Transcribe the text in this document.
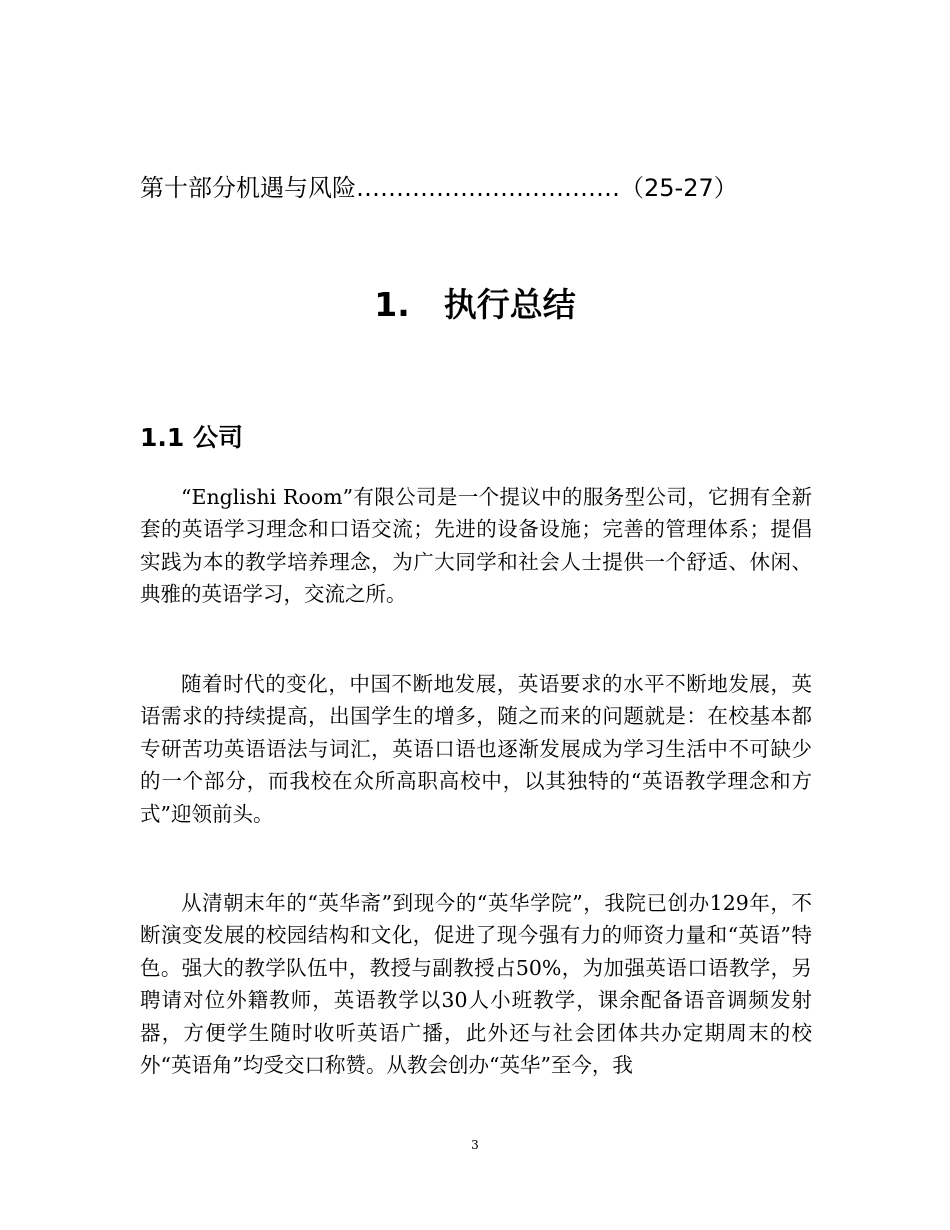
第十部分机遇与风险……………………………（25-27）
1. 执行总结
1.1 公司

“Englishi Room”有限公司是一个提议中的服务型公司，它拥有全新套的英语学习理念和口语交流；先进的设备设施；完善的管理体系；提倡实践为本的教学培养理念，为广大同学和社会人士提供一个舒适、休闲、典雅的英语学习，交流之所。

随着时代的变化，中国不断地发展，英语要求的水平不断地发展，英语需求的持续提高，出国学生的增多，随之而来的问题就是：在校基本都专研苦功英语语法与词汇，英语口语也逐渐发展成为学习生活中不可缺少的一个部分，而我校在众所高职高校中，以其独特的“英语教学理念和方式”迎领前头。

从清朝末年的“英华斋”到现今的“英华学院”，我院已创办129年，不断演变发展的校园结构和文化，促进了现今强有力的师资力量和“英语”特色。强大的教学队伍中，教授与副教授占50%，为加强英语口语教学，另聘请对位外籍教师，英语教学以30人小班教学，课余配备语音调频发射器，方便学生随时收听英语广播，此外还与社会团体共办定期周末的校外“英语角”均受交口称赞。从教会创办“英华”至今，我

3
